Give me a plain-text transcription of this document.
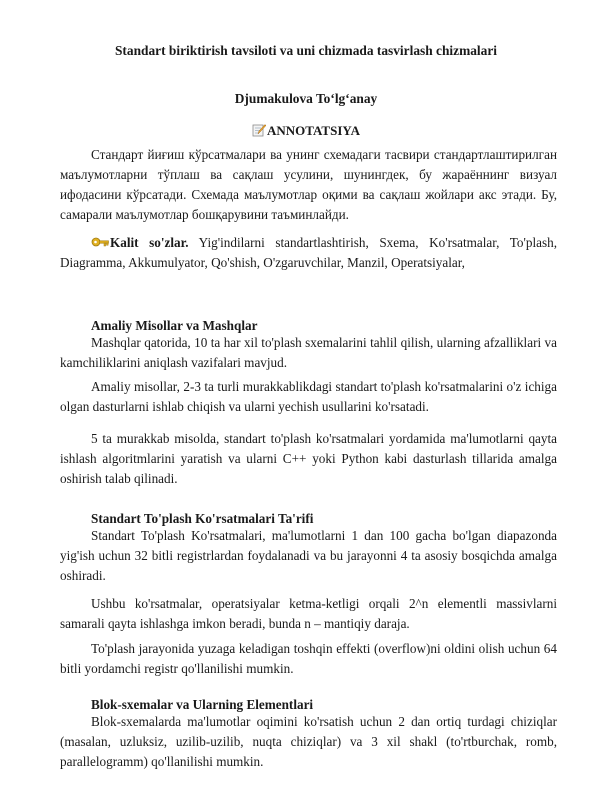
Standart biriktirish tavsiloti va uni chizmada tasvirlash chizmalari
Djumakulova To‘lg‘anay
ANNOTATSIYA

Стандарт йиғиш кўрсатмалари ва унинг схемадаги тасвири стандартлаштирилган маълумотларни тўплаш ва сақлаш усулини, шунингдек, бу жараённинг визуал ифодасини кўрсатади. Схемада маълумотлар оқими ва сақлаш жойлари акс этади. Бу, самарали маълумотлар бошқарувини таъминлайди.

Kalit so'zlar. Yig'indilarni standartlashtirish, Sxema, Ko'rsatmalar, To'plash, Diagramma, Akkumulyator, Qo'shish, O'zgaruvchilar, Manzil, Operatsiyalar,

Amaliy Misollar va Mashqlar

Mashqlar qatorida, 10 ta har xil to'plash sxemalarini tahlil qilish, ularning afzalliklari va kamchiliklarini aniqlash vazifalari mavjud.

Amaliy misollar, 2-3 ta turli murakkablikdagi standart to'plash ko'rsatmalarini o'z ichiga olgan dasturlarni ishlab chiqish va ularni yechish usullarini ko'rsatadi.

5 ta murakkab misolda, standart to'plash ko'rsatmalari yordamida ma'lumotlarni qayta ishlash algoritmlarini yaratish va ularni C++ yoki Python kabi dasturlash tillarida amalga oshirish talab qilinadi.

Standart To'plash Ko'rsatmalari Ta'rifi

Standart To'plash Ko'rsatmalari, ma'lumotlarni 1 dan 100 gacha bo'lgan diapazonda yig'ish uchun 32 bitli registrlardan foydalanadi va bu jarayonni 4 ta asosiy bosqichda amalga oshiradi.

Ushbu ko'rsatmalar, operatsiyalar ketma-ketligi orqali 2^n elementli massivlarni samarali qayta ishlashga imkon beradi, bunda n – mantiqiy daraja.

To'plash jarayonida yuzaga keladigan toshqin effekti (overflow)ni oldini olish uchun 64 bitli yordamchi registr qo'llanilishi mumkin.

Blok-sxemalar va Ularning Elementlari

Blok-sxemalarda ma'lumotlar oqimini ko'rsatish uchun 2 dan ortiq turdagi chiziqlar (masalan, uzluksiz, uzilib-uzilib, nuqta chiziqlar) va 3 xil shakl (to'rtburchak, romb, parallelogramm) qo'llanilishi mumkin.
